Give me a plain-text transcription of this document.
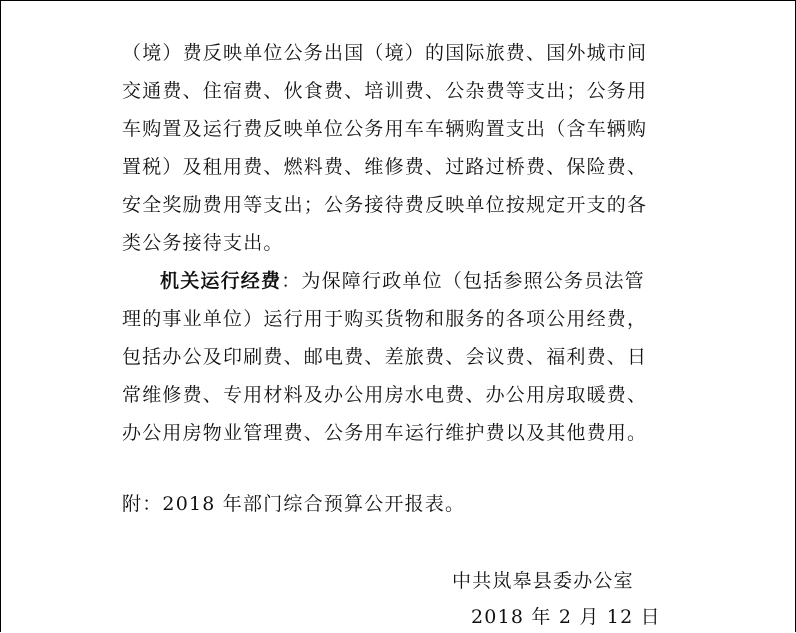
（境）费反映单位公务出国（境）的国际旅费、国外城市间
交通费、住宿费、伙食费、培训费、公杂费等支出；公务用
车购置及运行费反映单位公务用车车辆购置支出（含车辆购
置税）及租用费、燃料费、维修费、过路过桥费、保险费、
安全奖励费用等支出；公务接待费反映单位按规定开支的各
类公务接待支出。
机关运行经费：为保障行政单位（包括参照公务员法管
理的事业单位）运行用于购买货物和服务的各项公用经费，
包括办公及印刷费、邮电费、差旅费、会议费、福利费、日
常维修费、专用材料及办公用房水电费、办公用房取暖费、
办公用房物业管理费、公务用车运行维护费以及其他费用。
附：2018 年部门综合预算公开报表。
中共岚皋县委办公室
2018 年 2 月 12 日
